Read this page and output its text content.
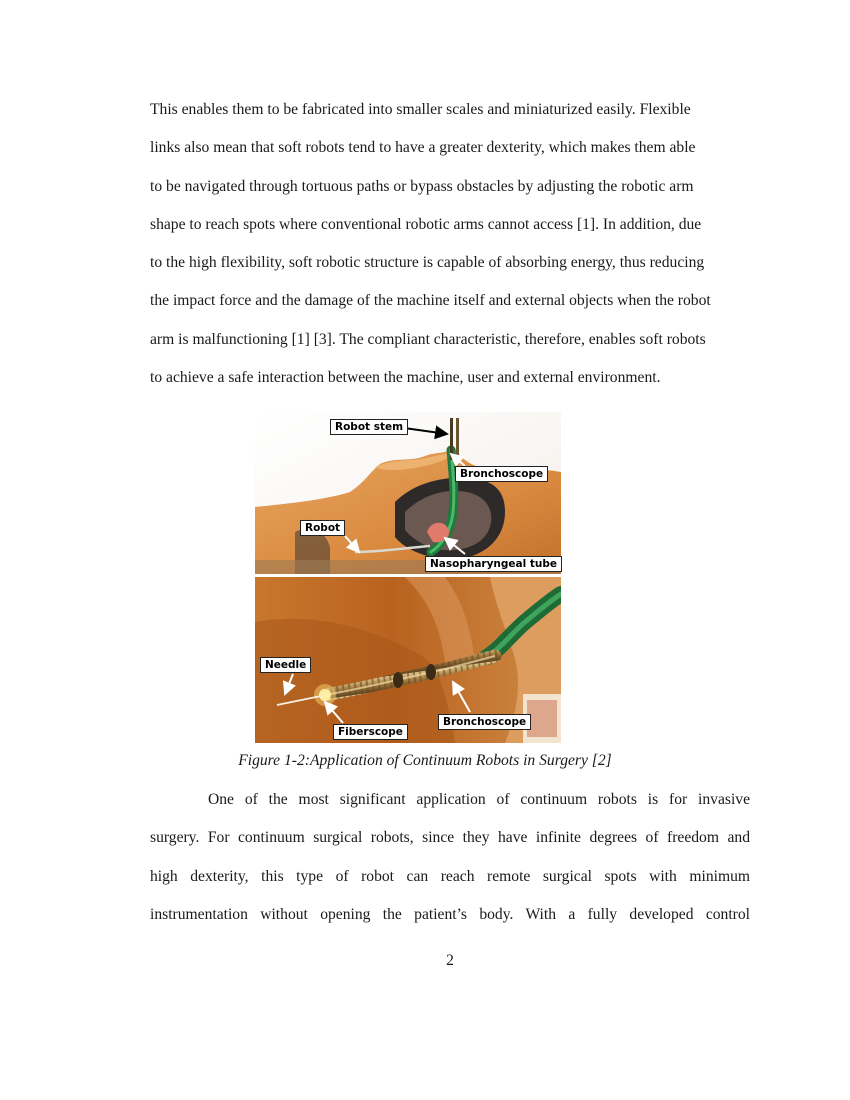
This enables them to be fabricated into smaller scales and miniaturized easily. Flexible
links also mean that soft robots tend to have a greater dexterity, which makes them able
to be navigated through tortuous paths or bypass obstacles by adjusting the robotic arm
shape to reach spots where conventional robotic arms cannot access [1]. In addition, due
to the high flexibility, soft robotic structure is capable of absorbing energy, thus reducing
the impact force and the damage of the machine itself and external objects when the robot
arm is malfunctioning [1] [3]. The compliant characteristic, therefore, enables soft robots
to achieve a safe interaction between the machine, user and external environment.

Robot stem
Bronchoscope
Robot
Nasopharyngeal tube
Needle
Fiberscope
Bronchoscope

Figure 1-2:Application of Continuum Robots in Surgery [2]

One of the most significant application of continuum robots is for invasive
surgery. For continuum surgical robots, since they have infinite degrees of freedom and
high dexterity, this type of robot can reach remote surgical spots with minimum
instrumentation without opening the patient’s body. With a fully developed control

2
